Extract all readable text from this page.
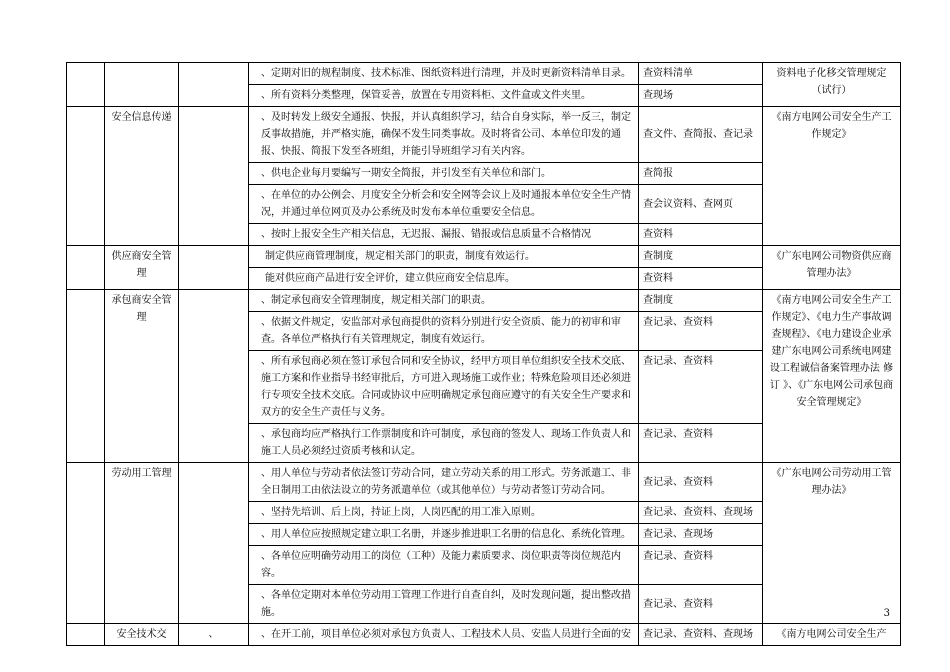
			、定期对旧的规程制度、技术标准、图纸资料进行清理，并及时更新资料清单目录。	查资料清单	资料电子化移交管理规定（试行）

			、所有资料分类整理，保管妥善，放置在专用资料柜、文件盒或文件夹里。	查现场	
	安全信息传递		、及时转发上级安全通报、快报，并认真组织学习，结合自身实际，举一反三，制定反事故措施，并严格实施，确保不发生同类事故。及时将省公司、本单位印发的通报、快报、简报下发至各班组，并能引导班组学习有关内容。	查文件、查简报、查记录	《南方电网公司安全生产工作规定》

			、供电企业每月要编写一期安全简报，并引发至有关单位和部门。	查简报	

			、在单位的办公例会、月度安全分析会和安全网等会议上及时通报本单位安全生产情况，并通过单位网页及办公系统及时发布本单位重要安全信息。	查会议资料、查网页	

			、按时上报安全生产相关信息，无迟报、漏报、错报或信息质量不合格情况	查资料	
	供应商安全管理		制定供应商管理制度，规定相关部门的职责，制度有效运行。	查制度	《广东电网公司物资供应商管理办法》

			能对供应商产品进行安全评价，建立供应商安全信息库。	查资料	
	承包商安全管理		、制定承包商安全管理制度，规定相关部门的职责。	查制度	《南方电网公司安全生产工作规定》、《电力生产事故调查规程》、《电力建设企业承建广东电网公司系统电网建设工程诚信备案管理办法 修订 》、《广东电网公司承包商安全管理规定》

			、依据文件规定，安监部对承包商提供的资料分别进行安全资质、能力的初审和审查。各单位严格执行有关管理规定，制度有效运行。	查记录、查资料	

			、所有承包商必须在签订承包合同和安全协议，经甲方项目单位组织安全技术交底、施工方案和作业指导书经审批后，方可进入现场施工或作业；特殊危险项目还必须进行专项安全技术交底。合同或协议中应明确规定承包商应遵守的有关安全生产要求和双方的安全生产责任与义务。	查记录、查资料	

			、承包商均应严格执行工作票制度和许可制度，承包商的签发人、现场工作负责人和施工人员必须经过资质考核和认定。	查记录、查资料	
	劳动用工管理		、用人单位与劳动者依法签订劳动合同，建立劳动关系的用工形式。劳务派遣工、非全日制用工由依法设立的劳务派遣单位（或其他单位）与劳动者签订劳动合同。	查记录、查资料	《广东电网公司劳动用工管理办法》

			、坚持先培训、后上岗，持证上岗，人岗匹配的用工准入原则。	查记录、查资料、查现场	

			、用人单位应按照规定建立职工名册，并逐步推进职工名册的信息化、系统化管理。	查记录、查现场	

			、各单位应明确劳动用工的岗位（工种）及能力素质要求、岗位职责等岗位规范内容。	查记录、查资料	

			、各单位定期对本单位劳动用工管理工作进行自查自纠，及时发现问题，提出整改措施。	查记录、查资料	
	安全技术交	、	、在开工前，项目单位必须对承包方负责人、工程技术人员、安监人员进行全面的安	查记录、查资料、查现场	《南方电网公司安全生产
3
